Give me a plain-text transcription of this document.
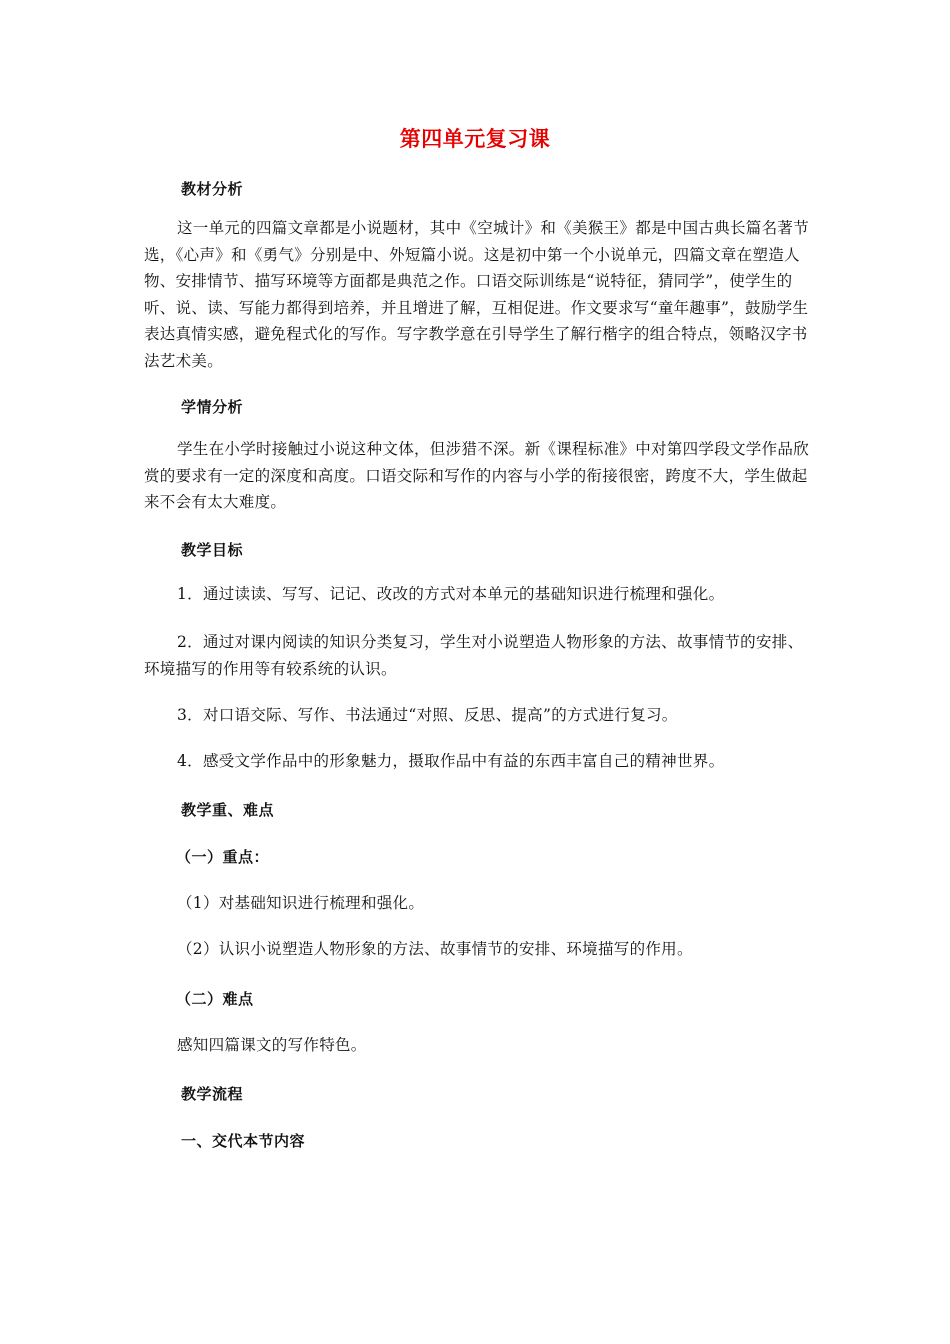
第四单元复习课
教材分析
这一单元的四篇文章都是小说题材，其中《空城计》和《美猴王》都是中国古典长篇名著节选，《心声》和《勇气》分别是中、外短篇小说。这是初中第一个小说单元，四篇文章在塑造人物、安排情节、描写环境等方面都是典范之作。口语交际训练是“说特征，猜同学”，使学生的听、说、读、写能力都得到培养，并且增进了解，互相促进。作文要求写“童年趣事”，鼓励学生表达真情实感，避免程式化的写作。写字教学意在引导学生了解行楷字的组合特点，领略汉字书法艺术美。
学情分析
学生在小学时接触过小说这种文体，但涉猎不深。新《课程标准》中对第四学段文学作品欣赏的要求有一定的深度和高度。口语交际和写作的内容与小学的衔接很密，跨度不大，学生做起来不会有太大难度。
教学目标
1．通过读读、写写、记记、改改的方式对本单元的基础知识进行梳理和强化。
2．通过对课内阅读的知识分类复习，学生对小说塑造人物形象的方法、故事情节的安排、环境描写的作用等有较系统的认识。
3．对口语交际、写作、书法通过“对照、反思、提高”的方式进行复习。
4．感受文学作品中的形象魅力，摄取作品中有益的东西丰富自己的精神世界。
教学重、难点
（一）重点：
（1）对基础知识进行梳理和强化。
（2）认识小说塑造人物形象的方法、故事情节的安排、环境描写的作用。
（二）难点
感知四篇课文的写作特色。
教学流程
一、交代本节内容
